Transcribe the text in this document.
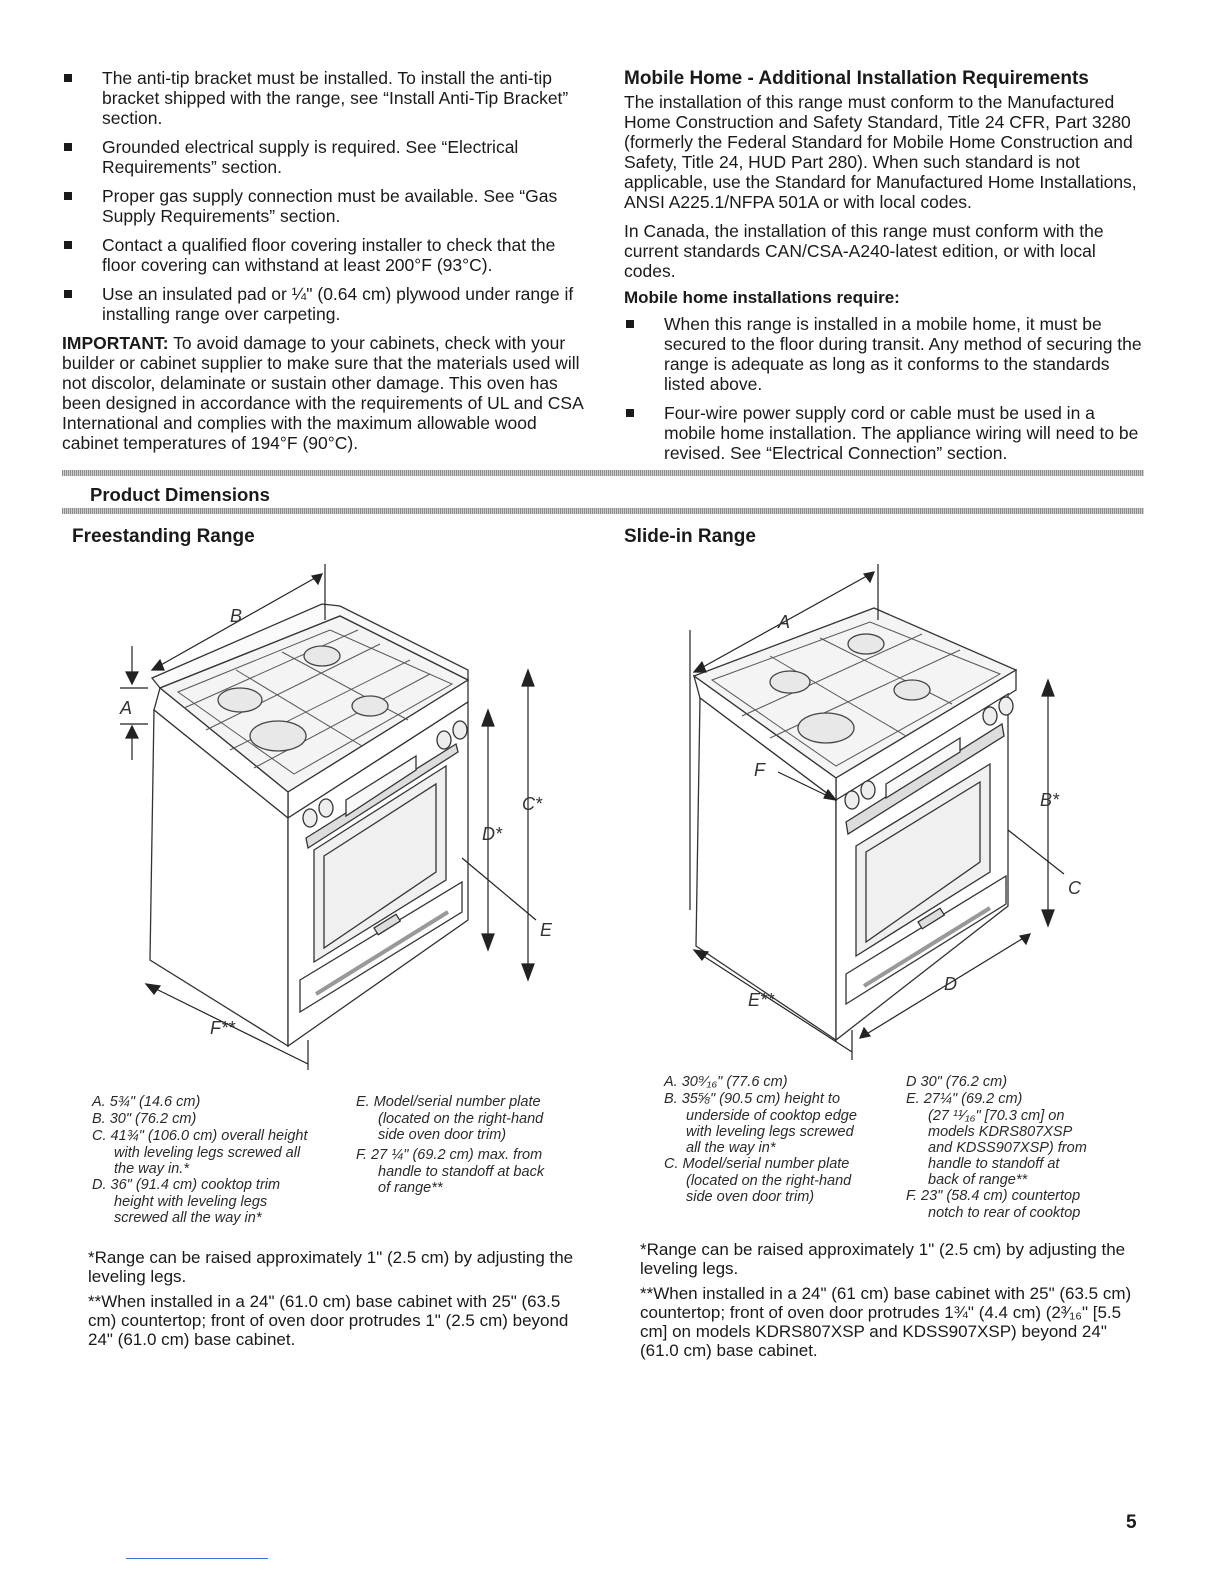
The anti-tip bracket must be installed. To install the anti-tip bracket shipped with the range, see “Install Anti-Tip Bracket” section.
Grounded electrical supply is required. See “Electrical Requirements” section.
Proper gas supply connection must be available. See “Gas Supply Requirements” section.
Contact a qualified floor covering installer to check that the floor covering can withstand at least 200°F (93°C).
Use an insulated pad or ¼" (0.64 cm) plywood under range if installing range over carpeting.

IMPORTANT: To avoid damage to your cabinets, check with your builder or cabinet supplier to make sure that the materials used will not discolor, delaminate or sustain other damage. This oven has been designed in accordance with the requirements of UL and CSA International and complies with the maximum allowable wood cabinet temperatures of 194°F (90°C).

Mobile Home - Additional Installation Requirements

The installation of this range must conform to the Manufactured Home Construction and Safety Standard, Title 24 CFR, Part 3280 (formerly the Federal Standard for Mobile Home Construction and Safety, Title 24, HUD Part 280). When such standard is not applicable, use the Standard for Manufactured Home Installations, ANSI A225.1/NFPA 501A or with local codes.

In Canada, the installation of this range must conform with the current standards CAN/CSA-A240-latest edition, or with local codes.

Mobile home installations require:
When this range is installed in a mobile home, it must be secured to the floor during transit. Any method of securing the range is adequate as long as it conforms to the standards listed above.
Four-wire power supply cord or cable must be used in a mobile home installation. The appliance wiring will need to be revised. See “Electrical Connection” section.
Product Dimensions
Freestanding Range	Slide-in Range
B
A
C*
D*
E
F**
A
F
B*
C
D
E**
A. 5¾" (14.6 cm)
B. 30" (76.2 cm)
C. 41¾" (106.0 cm) overall height
with leveling legs screwed all
the way in.*
D. 36" (91.4 cm) cooktop trim
height with leveling legs
screwed all the way in*
E. Model/serial number plate
(located on the right-hand
side oven door trim)
F. 27 ¼" (69.2 cm) max. from
handle to standoff at back
of range**
A. 30⁹⁄₁₆" (77.6 cm)
B. 35⅝" (90.5 cm) height to
underside of cooktop edge
with leveling legs screwed
all the way in*
C. Model/serial number plate
(located on the right-hand
side oven door trim)
D 30" (76.2 cm)
E. 27¼" (69.2 cm)
(27 ¹¹⁄₁₆" [70.3 cm] on
models KDRS807XSP
and KDSS907XSP) from
handle to standoff at
back of range**
F. 23" (58.4 cm) countertop
notch to rear of cooktop

*Range can be raised approximately 1" (2.5 cm) by adjusting the leveling legs.

**When installed in a 24" (61.0 cm) base cabinet with 25" (63.5 cm) countertop; front of oven door protrudes 1" (2.5 cm) beyond 24" (61.0 cm) base cabinet.

*Range can be raised approximately 1" (2.5 cm) by adjusting the leveling legs.

**When installed in a 24" (61 cm) base cabinet with 25" (63.5 cm) countertop; front of oven door protrudes 1¾" (4.4 cm) (2³⁄₁₆" [5.5 cm] on models KDRS807XSP and KDSS907XSP) beyond 24" (61.0 cm) base cabinet.

5
